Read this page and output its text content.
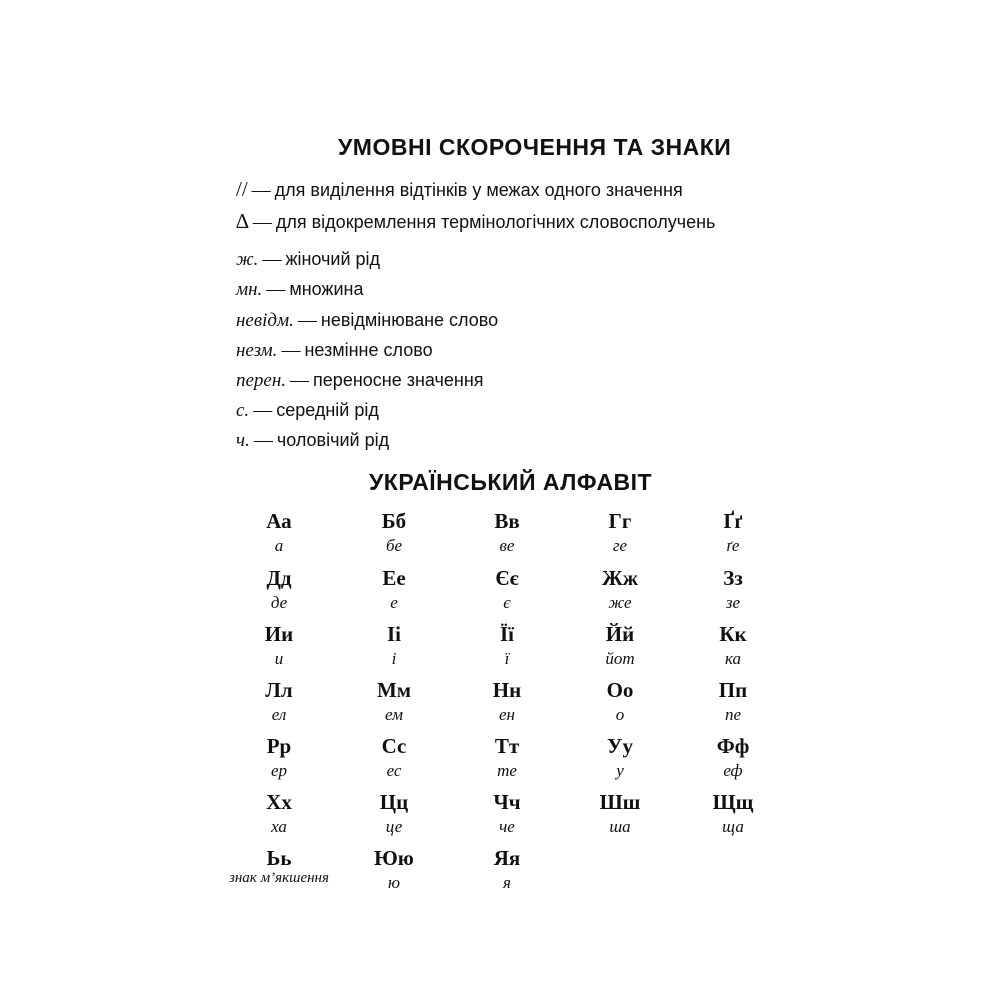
УМОВНІ СКОРОЧЕННЯ ТА ЗНАКИ
// — для виділення відтінків у межах одного значення
∆ — для відокремлення термінологічних словосполучень
ж. — жіночий рід
мн. — множина
невідм. — невідмінюване слово
незм. — незмінне слово
перен. — переносне значення
с. — середній рід
ч. — чоловічий рід
УКРАЇНСЬКИЙ АЛФАВІТ
Аа
а
Бб
бе
Вв
ве
Гг
ге
Ґґ
ґе
Дд
де
Ее
е
Єє
є
Жж
же
Зз
зе
Ии
и
Іі
і
Її
ї
Йй
йот
Кк
ка
Лл
ел
Мм
ем
Нн
ен
Оо
о
Пп
пе
Рр
ер
Сс
ес
Тт
те
Уу
у
Фф
еф
Хх
ха
Цц
це
Чч
че
Шш
ша
Щщ
ща
Ьь
знак м’якшення
Юю
ю
Яя
я
